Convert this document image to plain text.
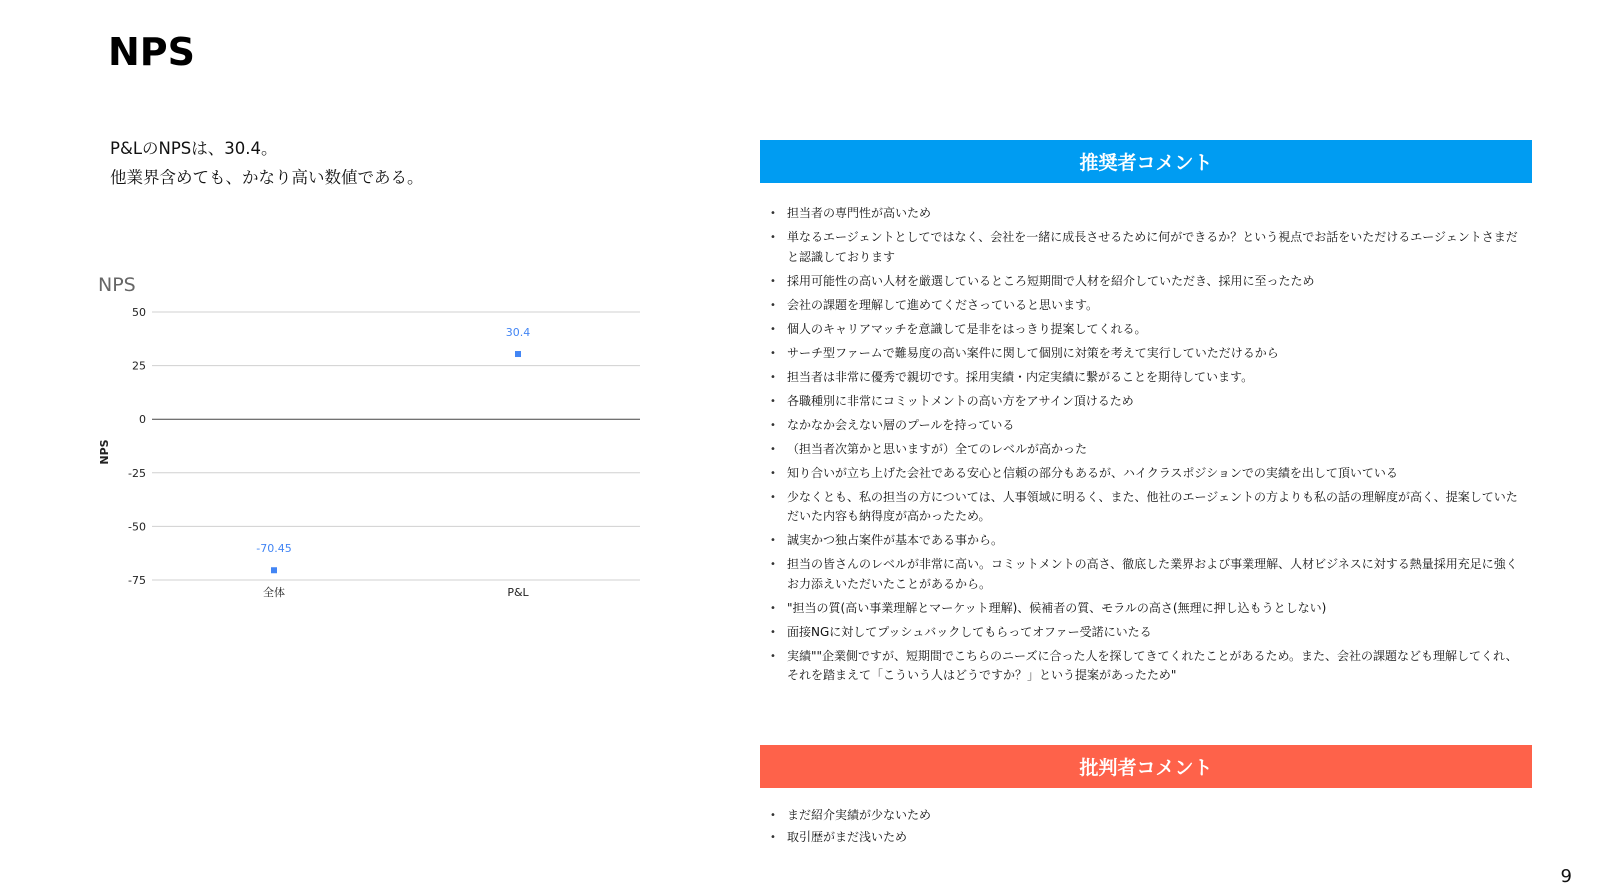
NPS
P&LのNPSは、30.4。
他業界含めても、かなり高い数値である。
NPS
50
25
0
-25
-50
-75
NPS
全体
-70.45
P&L
30.4
推奨者コメント
• 担当者の専門性が高いため
• 単なるエージェントとしてではなく、会社を一緒に成長させるために何ができるか？という視点でお話をいただけるエージェントさまだと認識しております
• 採用可能性の高い人材を厳選しているところ短期間で人材を紹介していただき、採用に至ったため
• 会社の課題を理解して進めてくださっていると思います。
• 個人のキャリアマッチを意識して是非をはっきり提案してくれる。
• サーチ型ファームで難易度の高い案件に関して個別に対策を考えて実行していただけるから
• 担当者は非常に優秀で親切です。採用実績・内定実績に繋がることを期待しています。
• 各職種別に非常にコミットメントの高い方をアサイン頂けるため
• なかなか会えない層のプールを持っている
• （担当者次第かと思いますが）全てのレベルが高かった
• 知り合いが立ち上げた会社である安心と信頼の部分もあるが、ハイクラスポジションでの実績を出して頂いている
• 少なくとも、私の担当の方については、人事領域に明るく、また、他社のエージェントの方よりも私の話の理解度が高く、提案していただいた内容も納得度が高かったため。
• 誠実かつ独占案件が基本である事から。
• 担当の皆さんのレベルが非常に高い。コミットメントの高さ、徹底した業界および事業理解、人材ビジネスに対する熱量採用充足に強くお力添えいただいたことがあるから。
• "担当の質(高い事業理解とマーケット理解)、候補者の質、モラルの高さ(無理に押し込もうとしない)
• 面接NGに対してプッシュバックしてもらってオファー受諾にいたる
• 実績""企業側ですが、短期間でこちらのニーズに合った人を探してきてくれたことがあるため。また、会社の課題なども理解してくれ、それを踏まえて「こういう人はどうですか？」という提案があったため"
批判者コメント
• まだ紹介実績が少ないため
• 取引歴がまだ浅いため
9
